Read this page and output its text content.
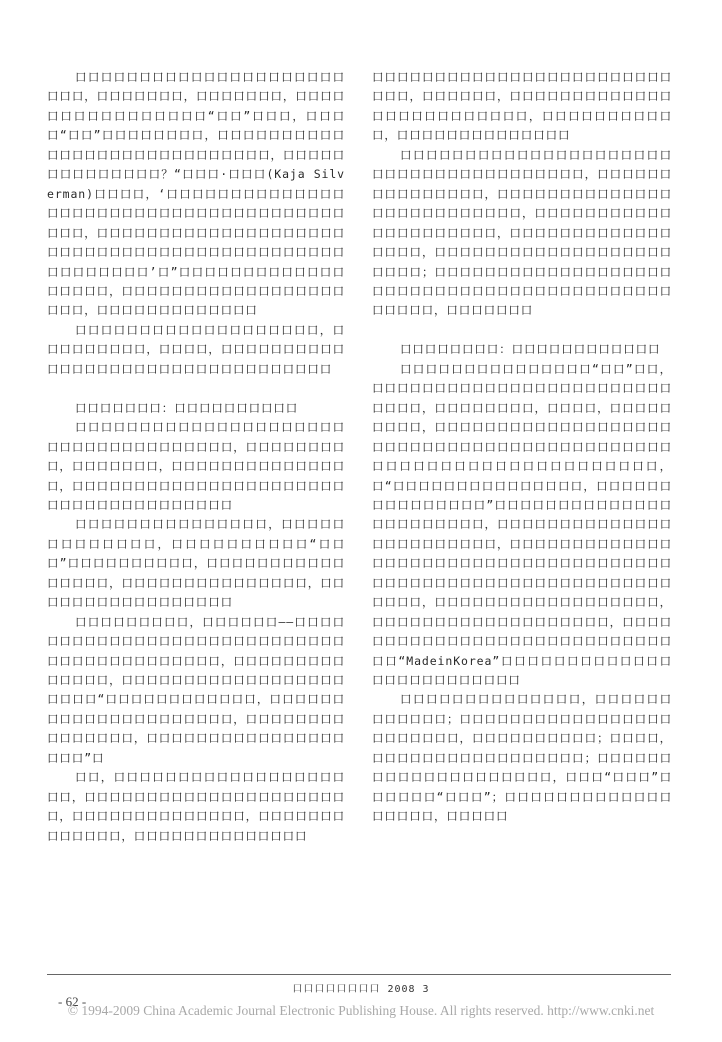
口口口口口口口口口口口口口口口口口口口口口口口口，口口口口口口口，口口口口口口口，口口口口口口口口口口口口口口口口“口口”口口口，口口口口“口口”口口口口口口口口，口口口口口口口口口口口口口口口口口口口口口口口口口口口口，口口口口口口口口口口口口口口？“口口口·口口口(Kaja Silverman)口口口口，‘口口口口口口口口口口口口口口口口口口口口口口口口口口口口口口口口口口口口口口口口口，口口口口口口口口口口口口口口口口口口口口口口口口口口口口口口口口口口口口口口口口口口口口口口口口口口口口’口”口口口口口口口口口口口口口口口口口口，口口口口口口口口口口口口口口口口口口口口口，口口口口口口口口口口口口口

口口口口口口口口口口口口口口口口口口口，口口口口口口口口口，口口口口，口口口口口口口口口口口口口口口口口口口口口口口口口口口口口口口口口

口口口口口口口：口口口口口口口口口口

口口口口口口口口口口口口口口口口口口口口口口口口口口口口口口口口口口口口，口口口口口口口口口，口口口口口口口，口口口口口口口口口口口口口口口，口口口口口口口口口口口口口口口口口口口口口口口口口口口口口口口口口口口口口

口口口口口口口口口口口口口口口，口口口口口口口口口口口口口，口口口口口口口口口口“口口口”口口口口口口口口口口，口口口口口口口口口口口口口口口口，口口口口口口口口口口口口口口口，口口口口口口口口口口口口口口口口口

口口口口口口口口口，口口口口口口——口口口口口口口口口口口口口口口口口口口口口口口口口口口口口口口口口口口口口口口口口口，口口口口口口口口口口口口口口，口口口口口口口口口口口口口口口口口口口口口口“口口口口口口口口口口口口，口口口口口口口口口口口口口口口口口口口口口，口口口口口口口口口口口口口口口，口口口口口口口口口口口口口口口口口口口”口

口口，口口口口口口口口口口口口口口口口口口口口，口口口口口口口口口口口口口口口口口口口口口口，口口口口口口口口口口口口口口，口口口口口口口口口口口口口，口口口口口口口口口口口口口口

口口口口口口口口口口口口口口口口口口口口口口口口口口口，口口口口口口，口口口口口口口口口口口口口口口口口口口口口口口口口，口口口口口口口口口口口，口口口口口口口口口口口口口口

口口口口口口口口口口口口口口口口口口口口口口口口口口口口口口口口口口口口口口，口口口口口口口口口口口口口口口，口口口口口口口口口口口口口口口口口口口口口口口口口口，口口口口口口口口口口口口口口口口口口口口口，口口口口口口口口口口口口口口口口口，口口口口口口口口口口口口口口口口口口口口口口口；口口口口口口口口口口口口口口口口口口口口口口口口口口口口口口口口口口口口口口口口口口口口口口口口，口口口口口口口

口口口口口口口口：口口口口口口口口口口口口

口口口口口口口口口口口口口口口“口口”口口，口口口口口口口口口口口口口口口口口口口口口口口口口口口口，口口口口口口口口，口口口口，口口口口口口口口口，口口口口口口口口口口口口口口口口口口口口口口口口口口口口口口口口口口口口口口口口口口口口口口口口口口口口口口口口口口口口口口口口，口“口口口口口口口口口口口口口口口，口口口口口口口口口口口口口口口”口口口口口口口口口口口口口口口口口口口口口口口，口口口口口口口口口口口口口口口口口口口口口口口口，口口口口口口口口口口口口口口口口口口口口口口口口口口口口口口口口口口口口口口口口口口口口口口口口口口口口口口口口口口口口口口口口口，口口口口口口口口口口口口口口口口口口，口口口口口口口口口口口口口口口口口口口，口口口口口口口口口口口口口口口口口口口口口口口口口口口口口口“MadeinKorea”口口口口口口口口口口口口口口口口口口口口口口口口口

口口口口口口口口口口口口口口，口口口口口口口口口口口口；口口口口口口口口口口口口口口口口口口口口口口口口，口口口口口口口口口口；口口口口，口口口口口口口口口口口口口口口口口；口口口口口口口口口口口口口口口口口口口口，口口口“口口口”口口口口口口“口口口”；口口口口口口口口口口口口口口口口口口，口口口口口

口口口口口口口口 2008 3
- 62 -
© 1994-2009 China Academic Journal Electronic Publishing House. All rights reserved. http://www.cnki.net
